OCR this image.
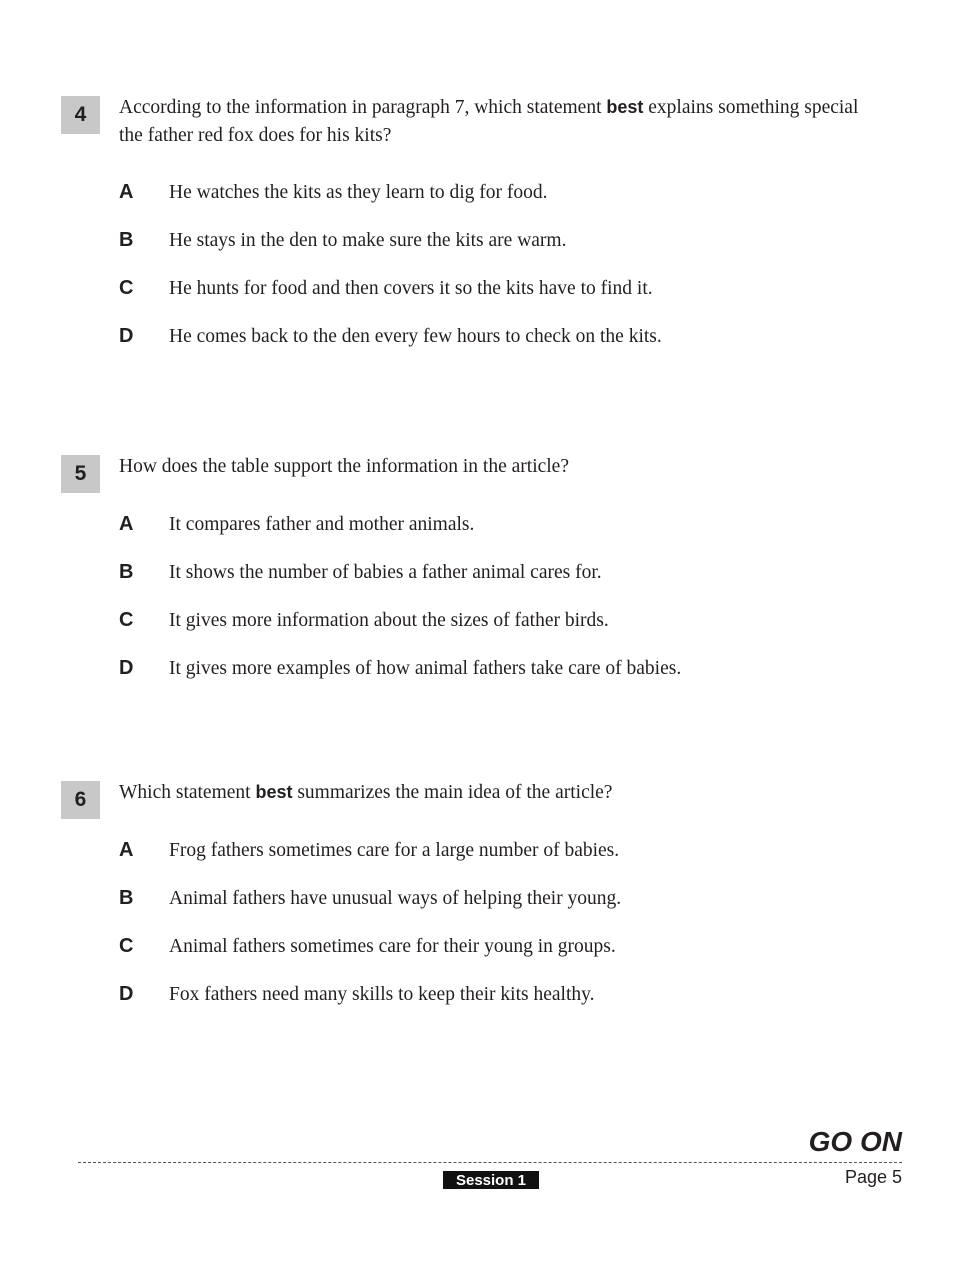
4	According to the information in paragraph 7, which statement best explains something special the father red fox does for his kits?
A He watches the kits as they learn to dig for food.
B He stays in the den to make sure the kits are warm.
C He hunts for food and then covers it so the kits have to find it.
D He comes back to the den every few hours to check on the kits.
5	How does the table support the information in the article?
A It compares father and mother animals.
B It shows the number of babies a father animal cares for.
C It gives more information about the sizes of father birds.
D It gives more examples of how animal fathers take care of babies.
6	Which statement best summarizes the main idea of the article?
A Frog fathers sometimes care for a large number of babies.
B Animal fathers have unusual ways of helping their young.
C Animal fathers sometimes care for their young in groups.
D Fox fathers need many skills to keep their kits healthy.
GO ON
Session 1	Page 5
